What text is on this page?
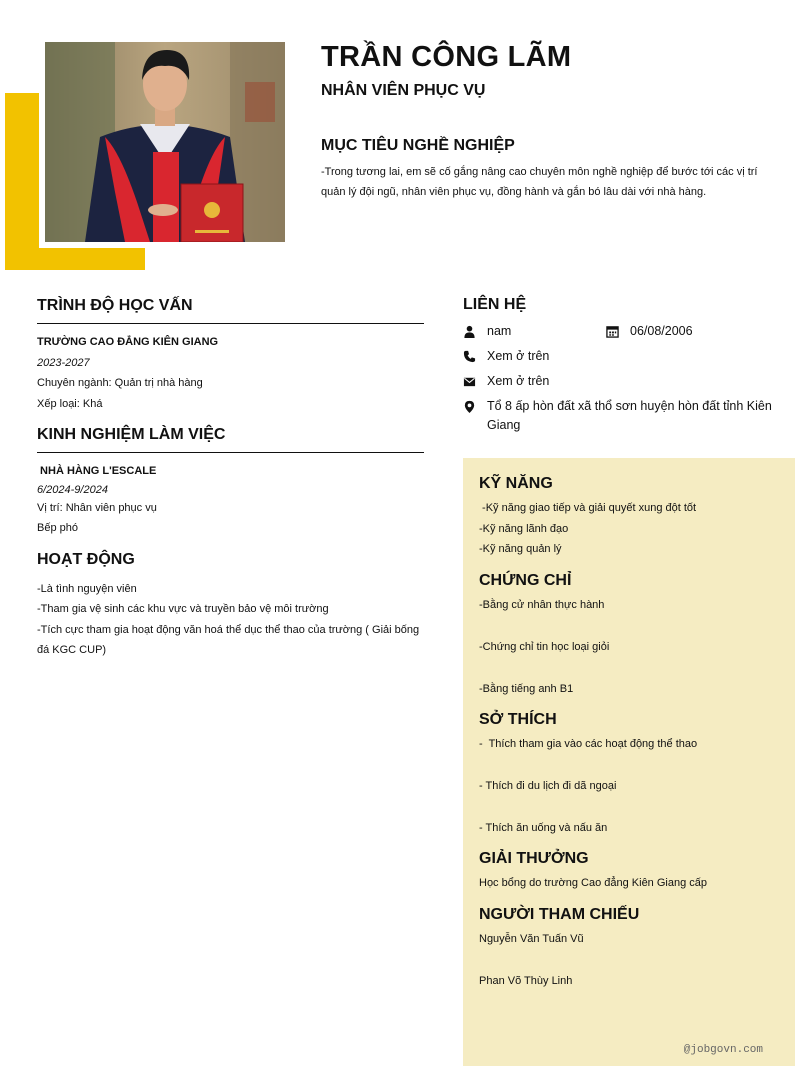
TRẦN CÔNG LÃM
NHÂN VIÊN PHỤC VỤ
MỤC TIÊU NGHỀ NGHIỆP
-Trong tương lai, em sẽ cố gắng nâng cao chuyên môn nghề nghiệp để bước tới các vị trí quản lý đội ngũ, nhân viên phục vụ, đồng hành và gắn bó lâu dài với nhà hàng.
TRÌNH ĐỘ HỌC VẤN
TRƯỜNG CAO ĐẲNG KIÊN GIANG
2023-2027
Chuyên ngành: Quản trị nhà hàng
Xếp loại: Khá
KINH NGHIỆM LÀM VIỆC
NHÀ HÀNG L'ESCALE
6/2024-9/2024
Vị trí: Nhân viên phục vụ
Bếp phó
HOẠT ĐỘNG
-Là tình nguyện viên
-Tham gia vệ sinh các khu vực và truyền bảo vệ môi trường
-Tích cực tham gia hoạt động văn hoá thể dục thể thao của trường ( Giải bống đá KGC CUP)
LIÊN HỆ
nam	06/08/2006
Xem ở trên
Xem ở trên
Tổ 8 ấp hòn đất xã thổ sơn huyện hòn đất tỉnh Kiên Giang
KỸ NĂNG
-Kỹ năng giao tiếp và giải quyết xung đột tốt
-Kỹ năng lãnh đạo
-Kỹ năng quản lý
CHỨNG CHỈ
-Bằng cử nhân thực hành
-Chứng chỉ tin học loại giỏi
-Bằng tiếng anh B1
SỞ THÍCH
-  Thích tham gia vào các hoạt động thể thao
- Thích đi du lịch đi dã ngoại
- Thích ăn uống và nấu ăn
GIẢI THƯỞNG
Học bổng do trường Cao đẳng Kiên Giang cấp
NGƯỜI THAM CHIẾU
Nguyễn Văn Tuấn Vũ
Phan Võ Thùy Linh
@jobgovn.com
